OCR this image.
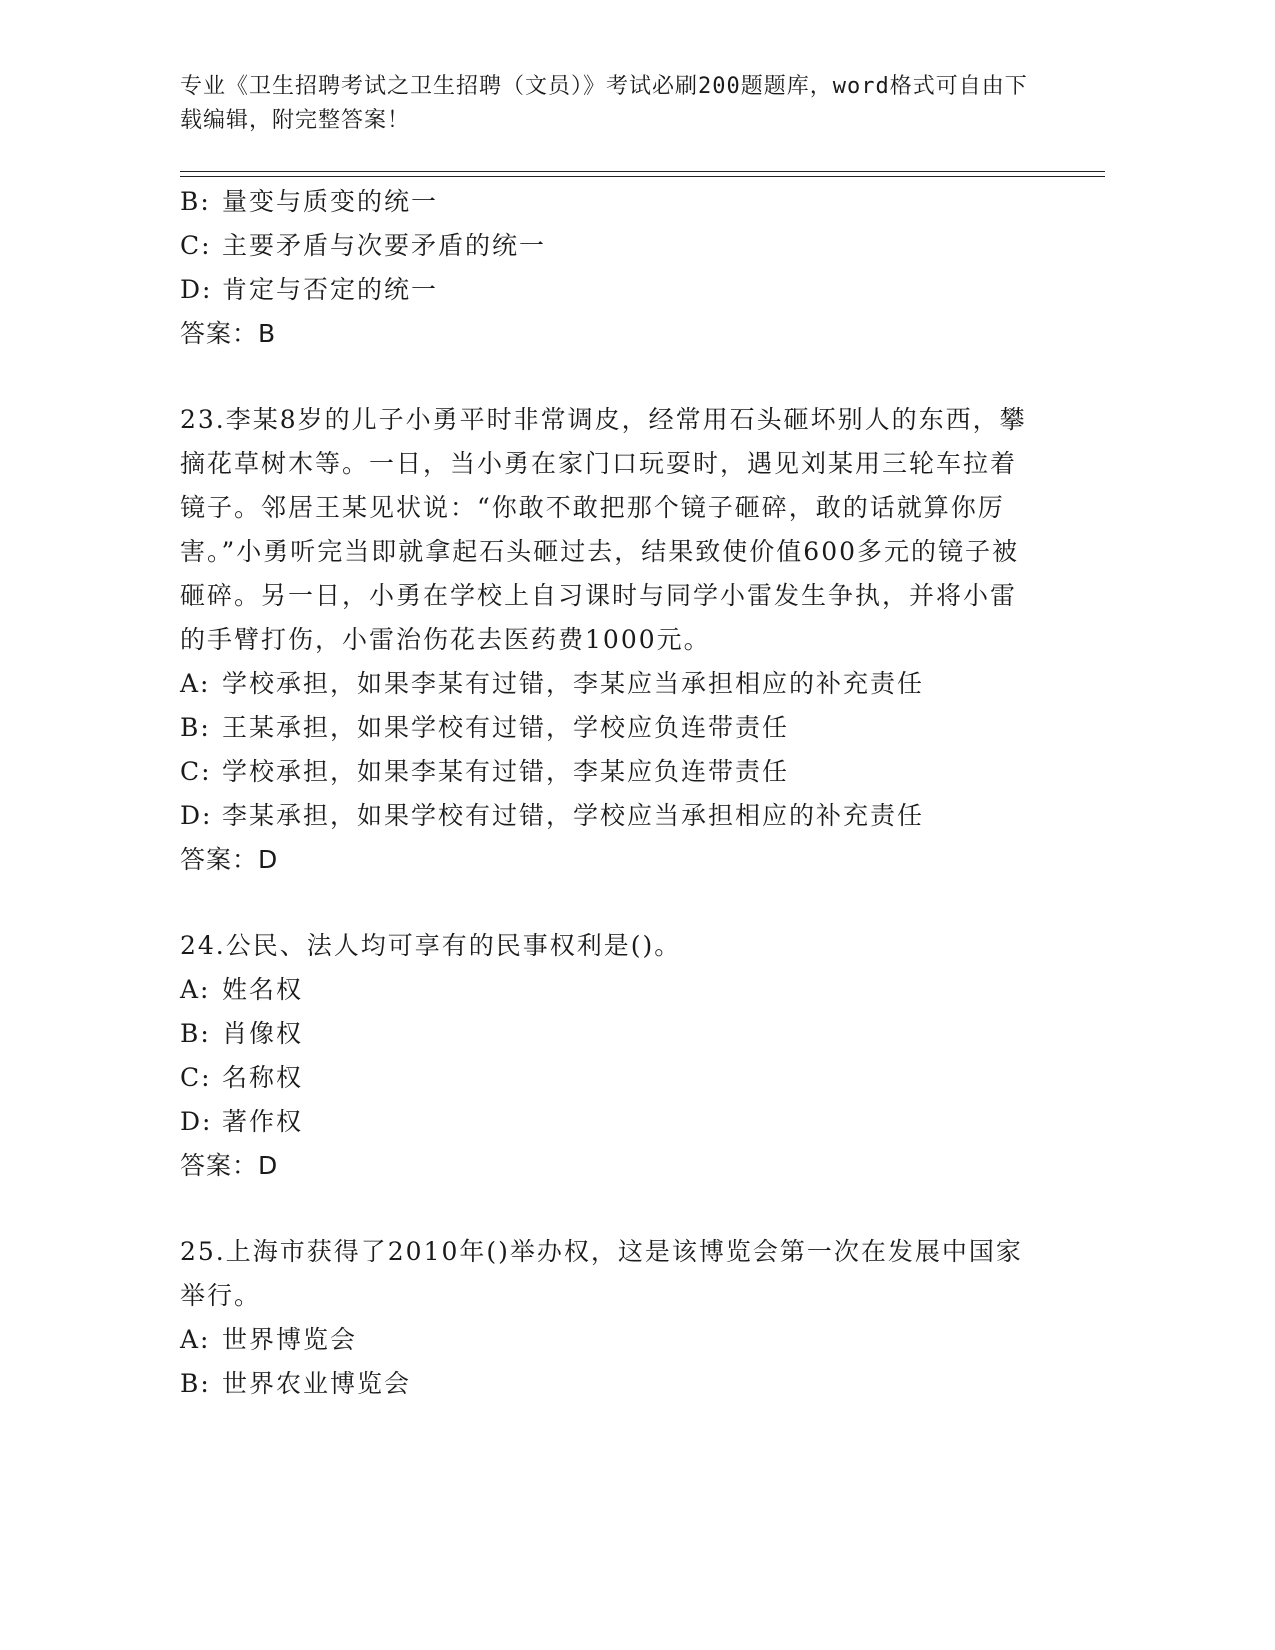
专业《卫生招聘考试之卫生招聘（文员）》考试必刷200题题库，word格式可自由下载编辑，附完整答案！
B: 量变与质变的统一
C: 主要矛盾与次要矛盾的统一
D: 肯定与否定的统一
答案：B
23.李某8岁的儿子小勇平时非常调皮，经常用石头砸坏别人的东西，攀摘花草树木等。一日，当小勇在家门口玩耍时，遇见刘某用三轮车拉着镜子。邻居王某见状说：“你敢不敢把那个镜子砸碎，敢的话就算你厉害。”小勇听完当即就拿起石头砸过去，结果致使价值600多元的镜子被砸碎。另一日，小勇在学校上自习课时与同学小雷发生争执，并将小雷的手臂打伤，小雷治伤花去医药费1000元。
A: 学校承担，如果李某有过错，李某应当承担相应的补充责任
B: 王某承担，如果学校有过错，学校应负连带责任
C: 学校承担，如果李某有过错，李某应负连带责任
D: 李某承担，如果学校有过错，学校应当承担相应的补充责任
答案：D
24.公民、法人均可享有的民事权利是()。
A: 姓名权
B: 肖像权
C: 名称权
D: 著作权
答案：D
25.上海市获得了2010年()举办权，这是该博览会第一次在发展中国家举行。
A: 世界博览会
B: 世界农业博览会
